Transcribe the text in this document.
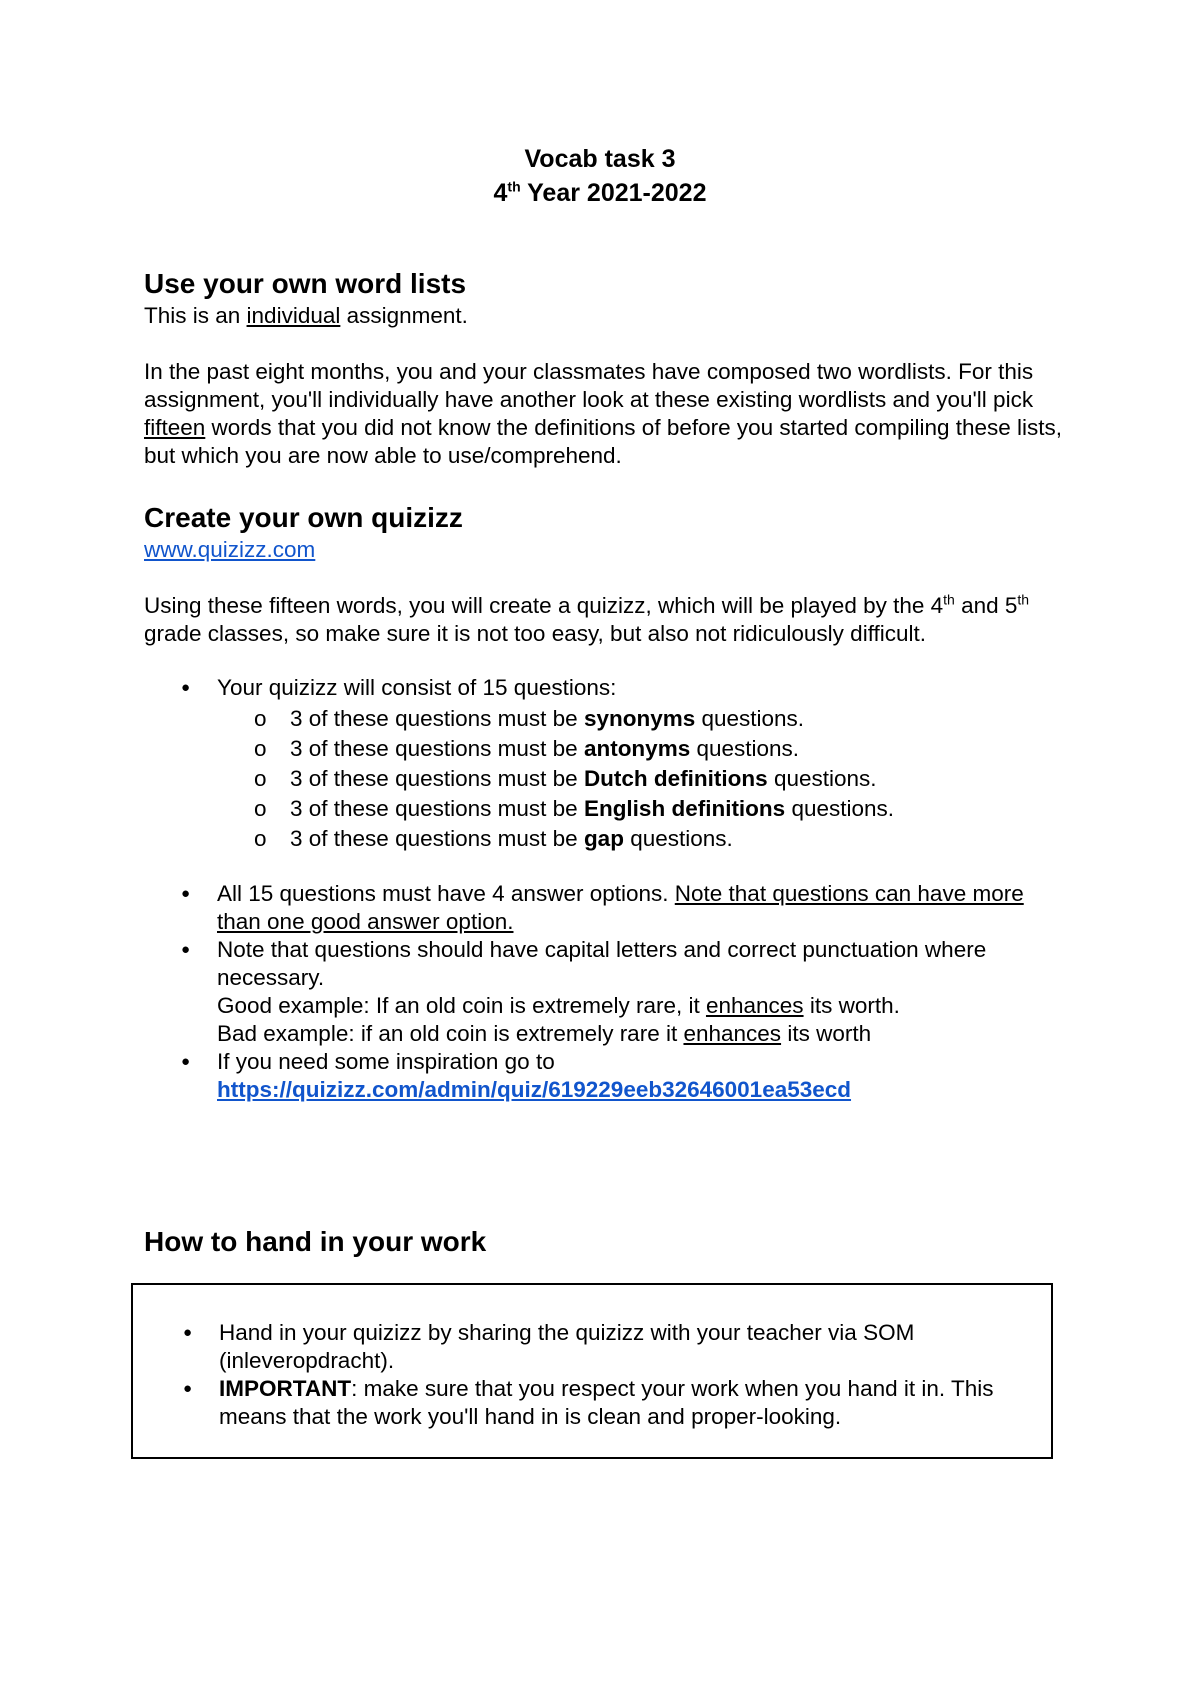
Vocab task 3
4th Year 2021-2022
Use your own word lists

This is an individual assignment.

In the past eight months, you and your classmates have composed two wordlists. For this assignment, you'll individually have another look at these existing wordlists and you'll pick fifteen words that you did not know the definitions of before you started compiling these lists, but which you are now able to use/comprehend.

Create your own quizizz

www.quizizz.com

Using these fifteen words, you will create a quizizz, which will be played by the 4th and 5th grade classes, so make sure it is not too easy, but also not ridiculously difficult.

● Your quizizz will consist of 15 questions:
o 3 of these questions must be synonyms questions.
o 3 of these questions must be antonyms questions.
o 3 of these questions must be Dutch definitions questions.
o 3 of these questions must be English definitions questions.
o 3 of these questions must be gap questions.
● All 15 questions must have 4 answer options. Note that questions can have more than one good answer option.
● Note that questions should have capital letters and correct punctuation where necessary.
Good example: If an old coin is extremely rare, it enhances its worth.
Bad example: if an old coin is extremely rare it enhances its worth
● If you need some inspiration go to
https://quizizz.com/admin/quiz/619229eeb32646001ea53ecd
How to hand in your work
● Hand in your quizizz by sharing the quizizz with your teacher via SOM (inleveropdracht).
● IMPORTANT: make sure that you respect your work when you hand it in. This means that the work you'll hand in is clean and proper-looking.
